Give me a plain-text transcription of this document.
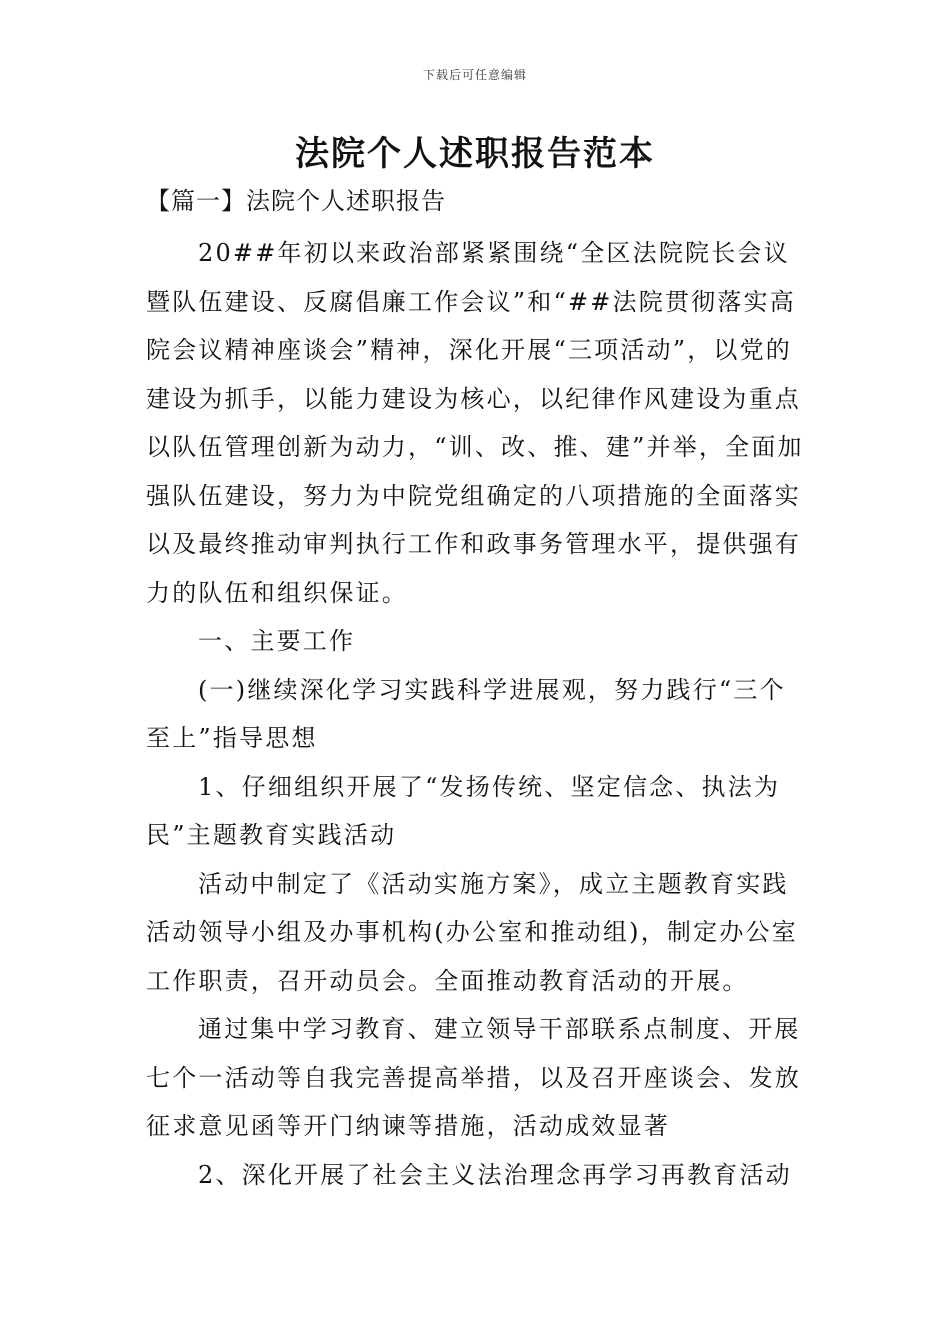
下载后可任意编辑
法院个人述职报告范本
【篇一】法院个人述职报告

20##年初以来政治部紧紧围绕“全区法院院长会议暨队伍建设、反腐倡廉工作会议”和“##法院贯彻落实高院会议精神座谈会”精神，深化开展“三项活动”，以党的建设为抓手，以能力建设为核心，以纪律作风建设为重点以队伍管理创新为动力，“训、改、推、建”并举，全面加强队伍建设，努力为中院党组确定的八项措施的全面落实以及最终推动审判执行工作和政事务管理水平，提供强有力的队伍和组织保证。

一、主要工作

(一)继续深化学习实践科学进展观，努力践行“三个至上”指导思想

1、仔细组织开展了“发扬传统、坚定信念、执法为民”主题教育实践活动

活动中制定了《活动实施方案》，成立主题教育实践活动领导小组及办事机构(办公室和推动组)，制定办公室工作职责，召开动员会。全面推动教育活动的开展。

通过集中学习教育、建立领导干部联系点制度、开展七个一活动等自我完善提高举措，以及召开座谈会、发放征求意见函等开门纳谏等措施，活动成效显著

2、深化开展了社会主义法治理念再学习再教育活动
